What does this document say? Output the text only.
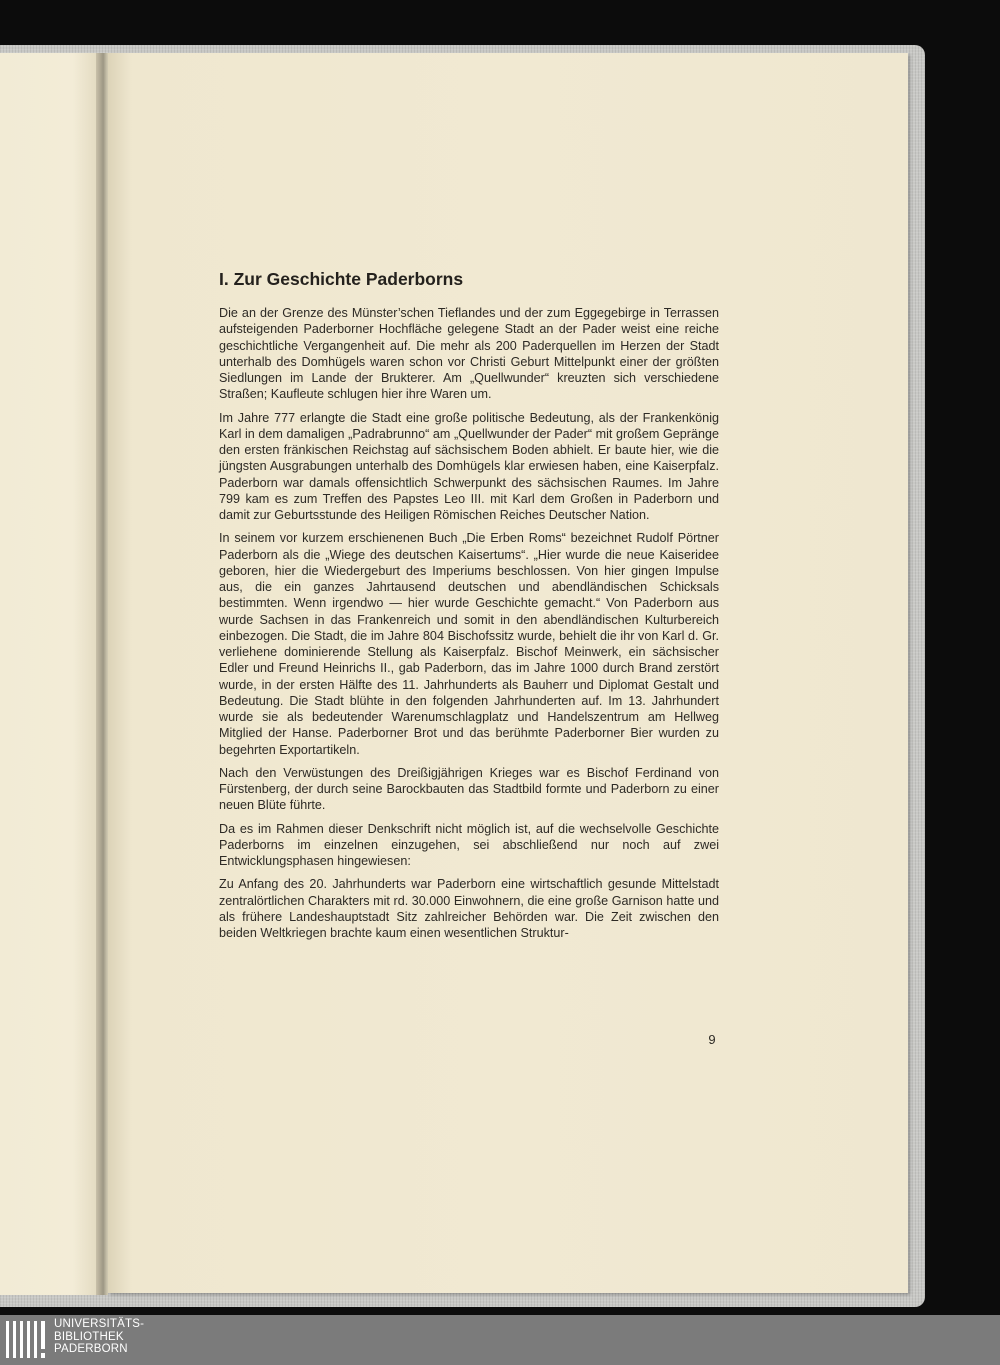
I. Zur Geschichte Paderborns

Die an der Grenze des Münster’schen Tieflandes und der zum Eggegebirge in Terrassen aufsteigenden Paderborner Hochfläche gelegene Stadt an der Pader weist eine reiche geschichtliche Vergangenheit auf. Die mehr als 200 Paderquellen im Herzen der Stadt unterhalb des Domhügels waren schon vor Christi Geburt Mittelpunkt einer der größten Siedlungen im Lande der Brukterer. Am „Quellwunder“ kreuzten sich verschiedene Straßen; Kaufleute schlugen hier ihre Waren um.

Im Jahre 777 erlangte die Stadt eine große politische Bedeutung, als der Frankenkönig Karl in dem damaligen „Padrabrunno“ am „Quellwunder der Pader“ mit großem Gepränge den ersten fränkischen Reichstag auf sächsischem Boden abhielt. Er baute hier, wie die jüngsten Ausgrabungen unterhalb des Domhügels klar erwiesen haben, eine Kaiserpfalz. Paderborn war damals offensichtlich Schwerpunkt des sächsischen Raumes. Im Jahre 799 kam es zum Treffen des Papstes Leo III. mit Karl dem Großen in Paderborn und damit zur Geburtsstunde des Heiligen Römischen Reiches Deutscher Nation.

In seinem vor kurzem erschienenen Buch „Die Erben Roms“ bezeichnet Rudolf Pörtner Paderborn als die „Wiege des deutschen Kaisertums“. „Hier wurde die neue Kaiseridee geboren, hier die Wiedergeburt des Imperiums beschlossen. Von hier gingen Impulse aus, die ein ganzes Jahrtausend deutschen und abendländischen Schicksals bestimmten. Wenn irgendwo — hier wurde Geschichte gemacht.“ Von Paderborn aus wurde Sachsen in das Frankenreich und somit in den abendländischen Kulturbereich einbezogen. Die Stadt, die im Jahre 804 Bischofssitz wurde, behielt die ihr von Karl d. Gr. verliehene dominierende Stellung als Kaiserpfalz. Bischof Meinwerk, ein sächsischer Edler und Freund Heinrichs II., gab Paderborn, das im Jahre 1000 durch Brand zerstört wurde, in der ersten Hälfte des 11. Jahrhunderts als Bauherr und Diplomat Gestalt und Bedeutung. Die Stadt blühte in den folgenden Jahrhunderten auf. Im 13. Jahrhundert wurde sie als bedeutender Warenumschlagplatz und Handelszentrum am Hellweg Mitglied der Hanse. Paderborner Brot und das berühmte Paderborner Bier wurden zu begehrten Exportartikeln.

Nach den Verwüstungen des Dreißigjährigen Krieges war es Bischof Ferdinand von Fürstenberg, der durch seine Barockbauten das Stadtbild formte und Paderborn zu einer neuen Blüte führte.

Da es im Rahmen dieser Denkschrift nicht möglich ist, auf die wechselvolle Geschichte Paderborns im einzelnen einzugehen, sei abschließend nur noch auf zwei Entwicklungsphasen hingewiesen:

Zu Anfang des 20. Jahrhunderts war Paderborn eine wirtschaftlich gesunde Mittelstadt zentralörtlichen Charakters mit rd. 30.000 Einwohnern, die eine große Garnison hatte und als frühere Landeshauptstadt Sitz zahlreicher Behörden war. Die Zeit zwischen den beiden Weltkriegen brachte kaum einen wesentlichen Struktur-

9
UNIVERSITÄTS-
BIBLIOTHEK
PADERBORN
